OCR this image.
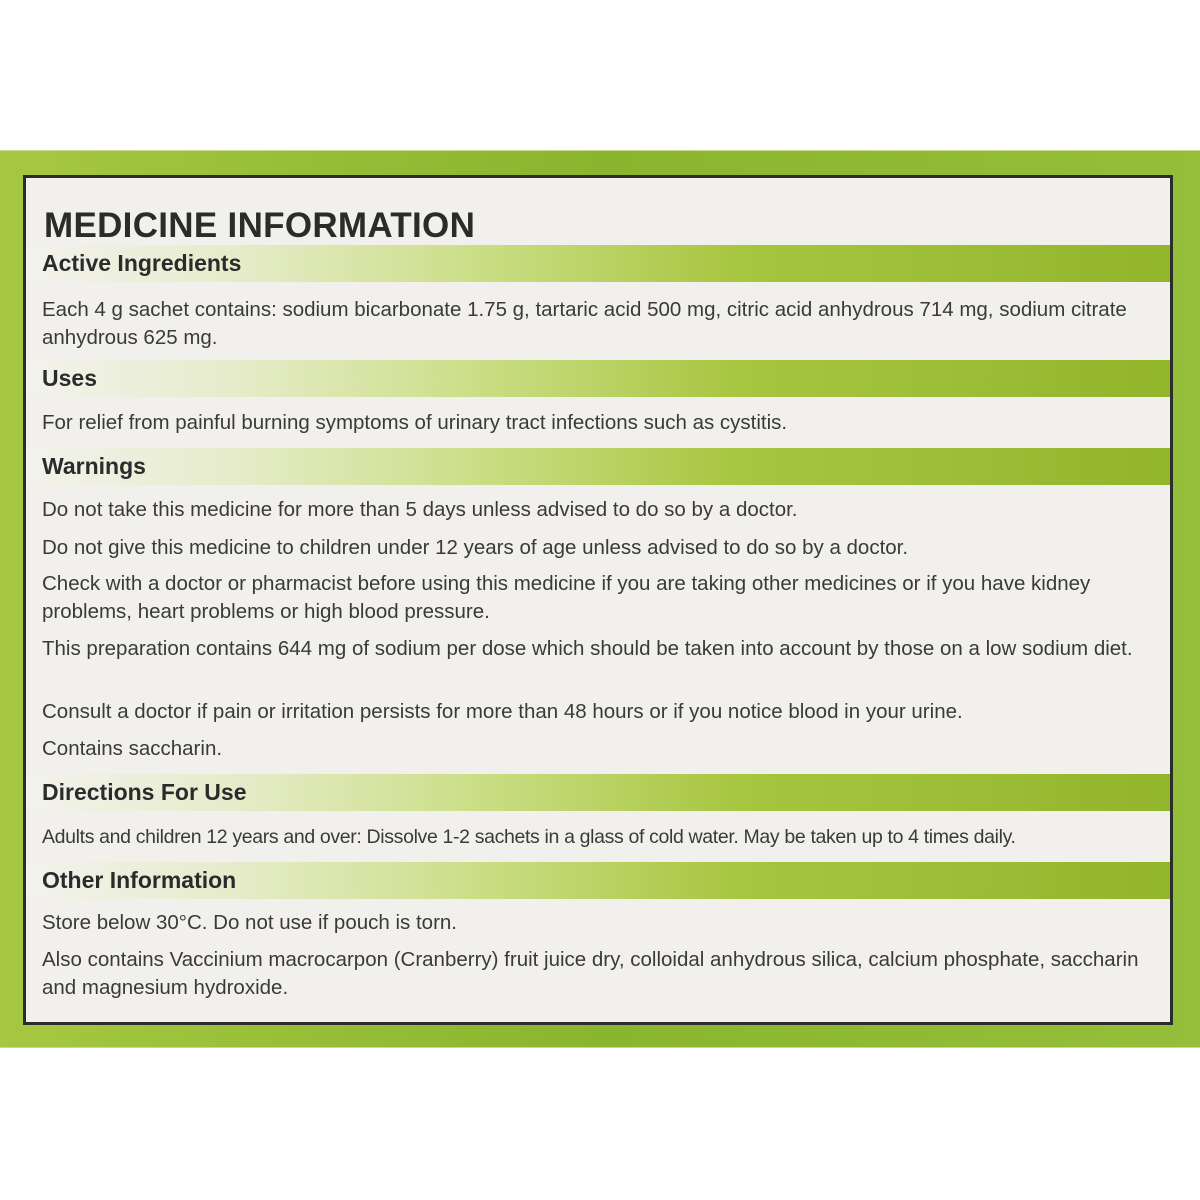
MEDICINE INFORMATION
Active Ingredients

Each 4 g sachet contains: sodium bicarbonate 1.75 g, tartaric acid 500 mg, citric acid anhydrous 714 mg, sodium citrate anhydrous 625 mg.

Uses

For relief from painful burning symptoms of urinary tract infections such as cystitis.

Warnings

Do not take this medicine for more than 5 days unless advised to do so by a doctor.

Do not give this medicine to children under 12 years of age unless advised to do so by a doctor.

Check with a doctor or pharmacist before using this medicine if you are taking other medicines or if you have kidney problems, heart problems or high blood pressure.

This preparation contains 644 mg of sodium per dose which should be taken into account by those on a low sodium diet.

Consult a doctor if pain or irritation persists for more than 48 hours or if you notice blood in your urine.

Contains saccharin.

Directions For Use

Adults and children 12 years and over: Dissolve 1-2 sachets in a glass of cold water. May be taken up to 4 times daily.

Other Information

Store below 30°C. Do not use if pouch is torn.

Also contains Vaccinium macrocarpon (Cranberry) fruit juice dry, colloidal anhydrous silica, calcium phosphate, saccharin and magnesium hydroxide.
